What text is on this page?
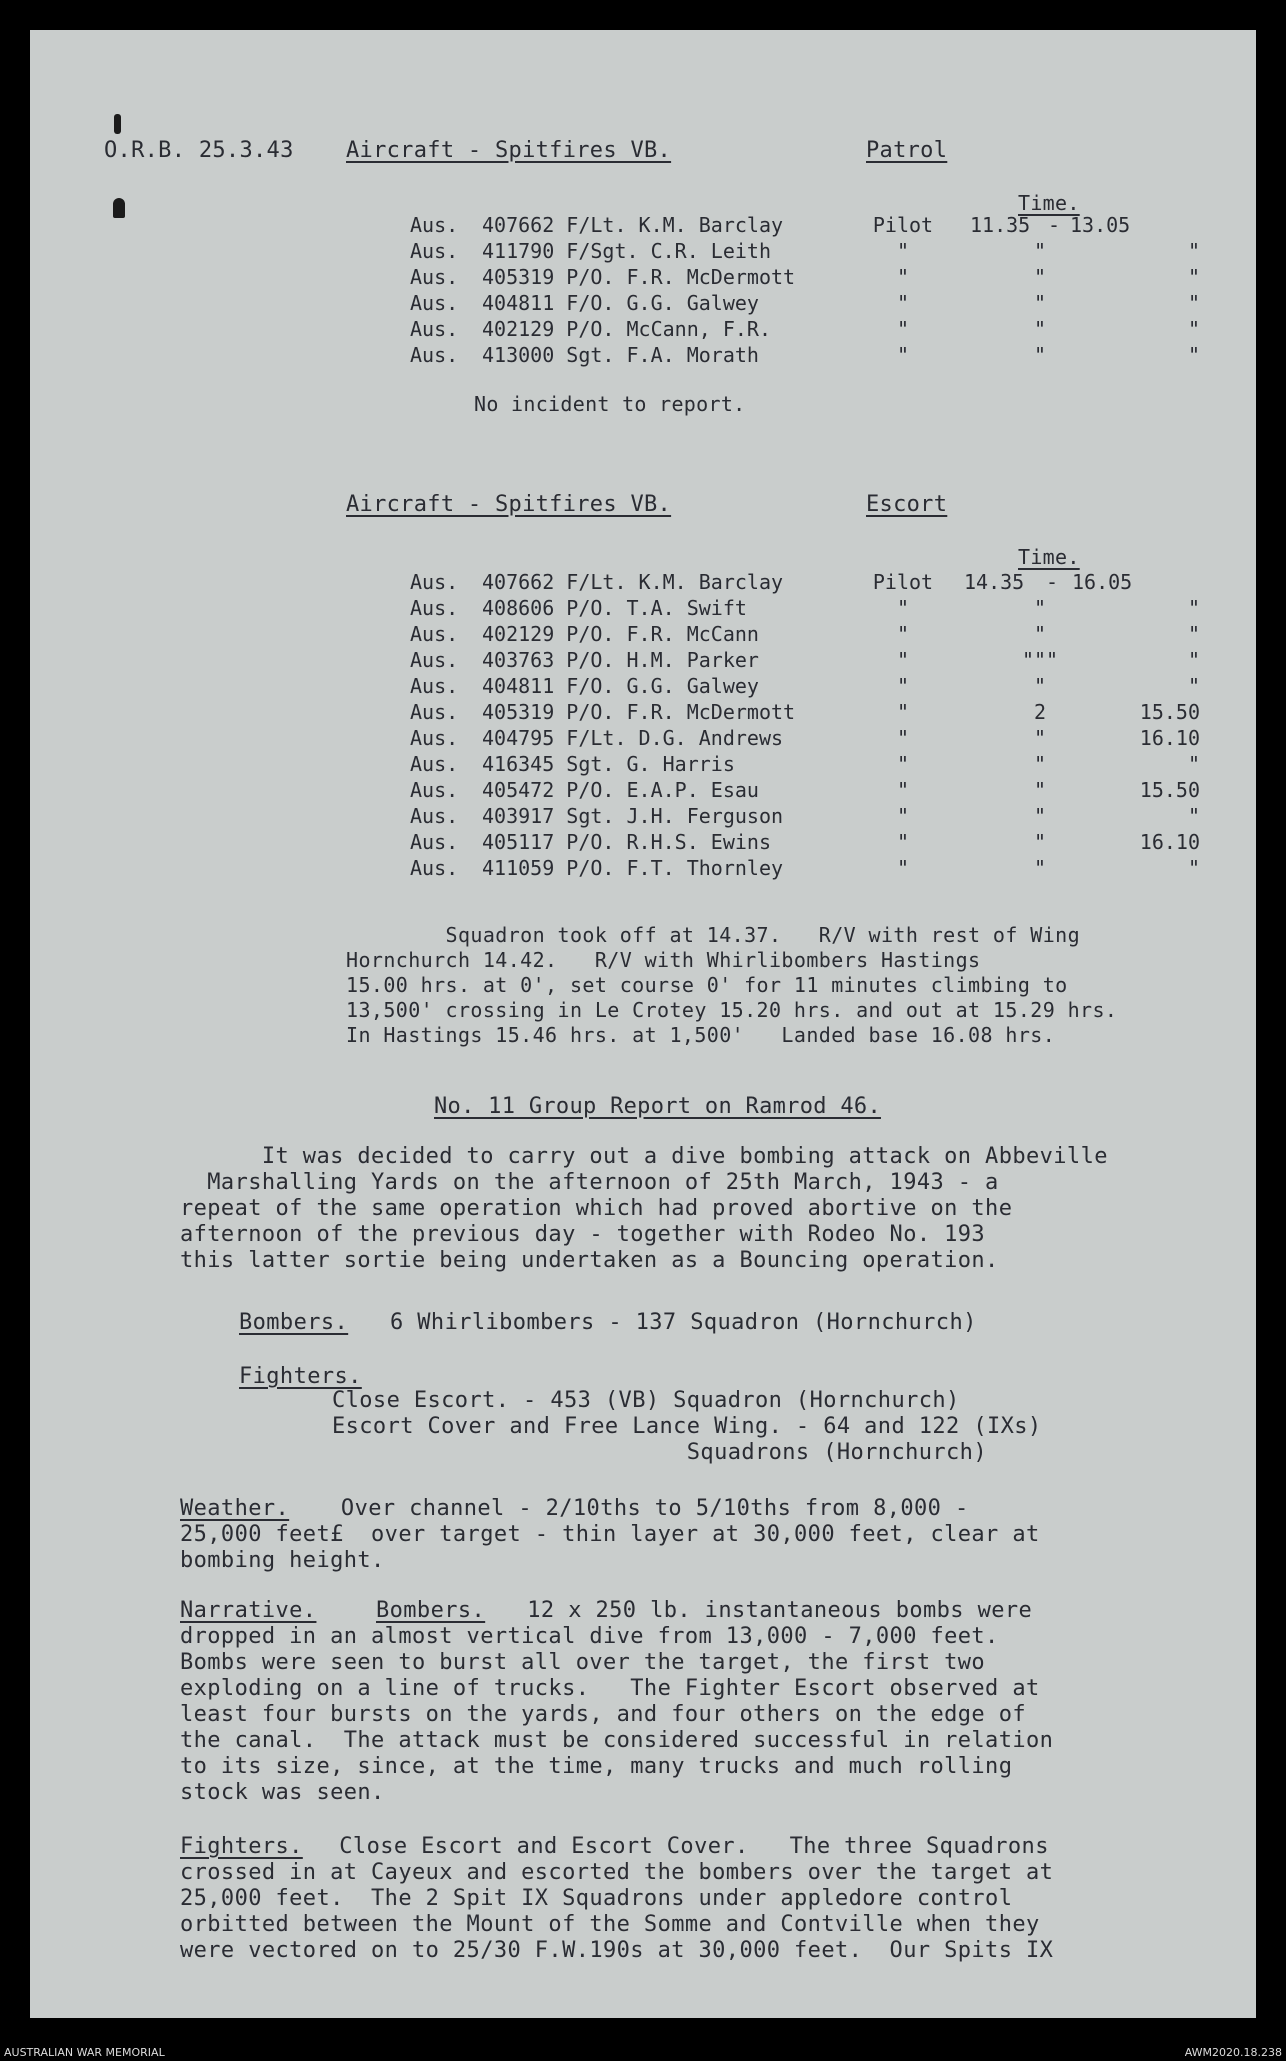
O.R.B. 25.3.43 Aircraft - Spitfires VB.	Patrol
Time.
Aus. 407662 F/Lt. K.M. Barclay	Pilot	11.35 - 13.05
Aus. 411790 F/Sgt. C.R. Leith	"	"	"
Aus. 405319 P/O. F.R. McDermott	"	"	"
Aus. 404811 F/O. G.G. Galwey	"	"	"
Aus. 402129 P/O. McCann, F.R.	"	"	"
Aus. 413000 Sgt. F.A. Morath	"	"	"
No incident to report.
Aircraft - Spitfires VB.	Escort
Time.
Aus. 407662 F/Lt. K.M. Barclay	Pilot	14.35 - 16.05
Aus. 408606 P/O. T.A. Swift	"	"	"
Aus. 402129 P/O. F.R. McCann	"	"	"
Aus. 403763 P/O. H.M. Parker	"	"""	"
Aus. 404811 F/O. G.G. Galwey	"	"	"
Aus. 405319 P/O. F.R. McDermott	"	2	15.50
Aus. 404795 F/Lt. D.G. Andrews	"	"	16.10
Aus. 416345 Sgt. G. Harris	"	"	"
Aus. 405472 P/O. E.A.P. Esau	"	"	15.50
Aus. 403917 Sgt. J.H. Ferguson	"	"	"
Aus. 405117 P/O. R.H.S. Ewins	"	"	16.10
Aus. 411059 P/O. F.T. Thornley	"	"	"
Squadron took off at 14.37.   R/V with rest of Wing
Hornchurch 14.42.   R/V with Whirlibombers Hastings
15.00 hrs. at 0', set course 0' for 11 minutes climbing to
13,500' crossing in Le Crotey 15.20 hrs. and out at 15.29 hrs.
In Hastings 15.46 hrs. at 1,500'   Landed base 16.08 hrs.
No. 11 Group Report on Ramrod 46.
It was decided to carry out a dive bombing attack on Abbeville
Marshalling Yards on the afternoon of 25th March, 1943 - a
repeat of the same operation which had proved abortive on the
afternoon of the previous day - together with Rodeo No. 193
this latter sortie being undertaken as a Bouncing operation.
Bombers. 6 Whirlibombers - 137 Squadron (Hornchurch)
Fighters.
Close Escort. - 453 (VB) Squadron (Hornchurch)
Escort Cover and Free Lance Wing. - 64 and 122 (IXs)
Squadrons (Hornchurch)
Weather. Over channel - 2/10ths to 5/10ths from 8,000 -
25,000 feet£  over target - thin layer at 30,000 feet, clear at
bombing height.
Narrative.	Bombers. 12 x 250 lb. instantaneous bombs were
dropped in an almost vertical dive from 13,000 - 7,000 feet.
Bombs were seen to burst all over the target, the first two
exploding on a line of trucks.   The Fighter Escort observed at
least four bursts on the yards, and four others on the edge of
the canal.  The attack must be considered successful in relation
to its size, since, at the time, many trucks and much rolling
stock was seen.
Fighters. Close Escort and Escort Cover.   The three Squadrons
crossed in at Cayeux and escorted the bombers over the target at
25,000 feet.  The 2 Spit IX Squadrons under appledore control
orbitted between the Mount of the Somme and Contville when they
were vectored on to 25/30 F.W.190s at 30,000 feet.  Our Spits IX
AUSTRALIAN WAR MEMORIAL	AWM2020.18.238
